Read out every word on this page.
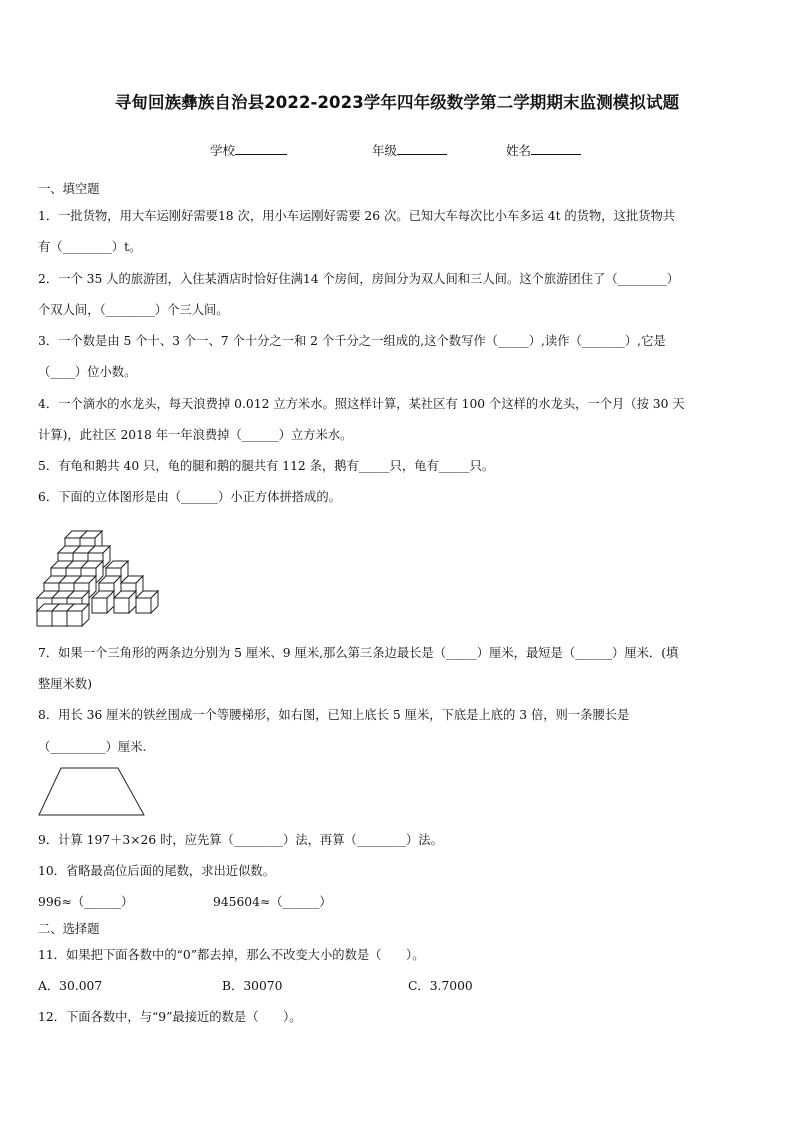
寻甸回族彝族自治县2022-2023学年四年级数学第二学期期末监测模拟试题
学校	年级	姓名
一、填空题
1．一批货物，用大车运刚好需要18 次，用小车运刚好需要 26 次。已知大车每次比小车多运 4t 的货物，这批货物共
有（________）t。
2．一个 35 人的旅游团，入住某酒店时恰好住满14 个房间，房间分为双人间和三人间。这个旅游团住了（________）
个双人间，（________）个三人间。
3．一个数是由 5 个十、3 个一、7 个十分之一和 2 个千分之一组成的,这个数写作（_____）,读作（_______）,它是
（____）位小数。
4．一个滴水的水龙头，每天浪费掉 0.012 立方米水。照这样计算，某社区有 100 个这样的水龙头，一个月（按 30 天
计算)，此社区 2018 年一年浪费掉（______）立方米水。
5．有龟和鹅共 40 只，龟的腿和鹅的腿共有 112 条，鹅有_____只，龟有_____只。
6．下面的立体图形是由（______）小正方体拼搭成的。
7．如果一个三角形的两条边分别为 5 厘米、9 厘米,那么第三条边最长是（_____）厘米，最短是（______）厘米．(填
整厘米数)
8．用长 36 厘米的铁丝围成一个等腰梯形，如右图，已知上底长 5 厘米，下底是上底的 3 倍，则一条腰长是
（_________）厘米.
9．计算 197＋3×26 时，应先算（________）法，再算（________）法。
10．省略最高位后面的尾数，求出近似数。
996≈（______）	945604≈（______）
二、选择题
11．如果把下面各数中的“0”都去掉，那么不改变大小的数是（　　）。
A．30.007	B．30070	C．3.7000
12．下面各数中，与“9”最接近的数是（　　）。
